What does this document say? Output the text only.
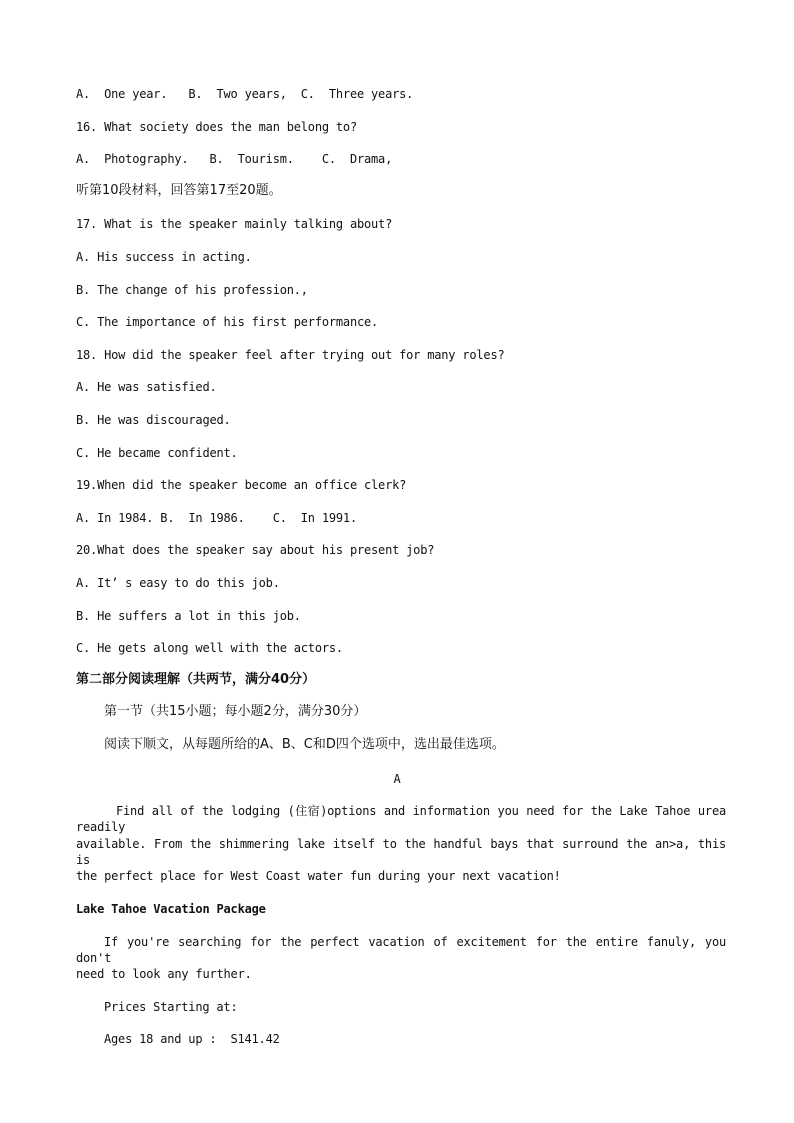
A.  One year.   B.  Two years,  C.  Three years.
16. What society does the man belong to?
A.  Photography.   B.  Tourism.    C.  Drama,
听第10段材料，回答第17至20题。
17. What is the speaker mainly talking about?
A. His success in acting.
B. The change of his profession.,
C. The importance of his first performance.
18. How did the speaker feel after trying out for many roles?
A. He was satisfied.
B. He was discouraged.
C. He became confident.
19.When did the speaker become an office clerk?
A. In 1984. B.  In 1986.    C.  In 1991.
20.What does the speaker say about his present job?
A. It’ s easy to do this job.
B. He suffers a lot in this job.
C. He gets along well with the actors.
第二部分阅读理解（共两节，满分40分）
第一节（共15小题；每小题2分，满分30分）
阅读下顺文，从每题所给的A、B、C和D四个选项中，选出最佳选项。
A
Find all of the lodging (住宿)options and information you need for the Lake Tahoe urea readily
available. From the shimmering lake itself to the handful bays that surround the an>a, this is
the perfect place for West Coast water fun during your next vacation!
Lake Tahoe Vacation Package
If you're searching for the perfect vacation of excitement for the entire fanuly, you don't
need to look any further.
Prices Starting at:
Ages 18 and up :  S141.42
